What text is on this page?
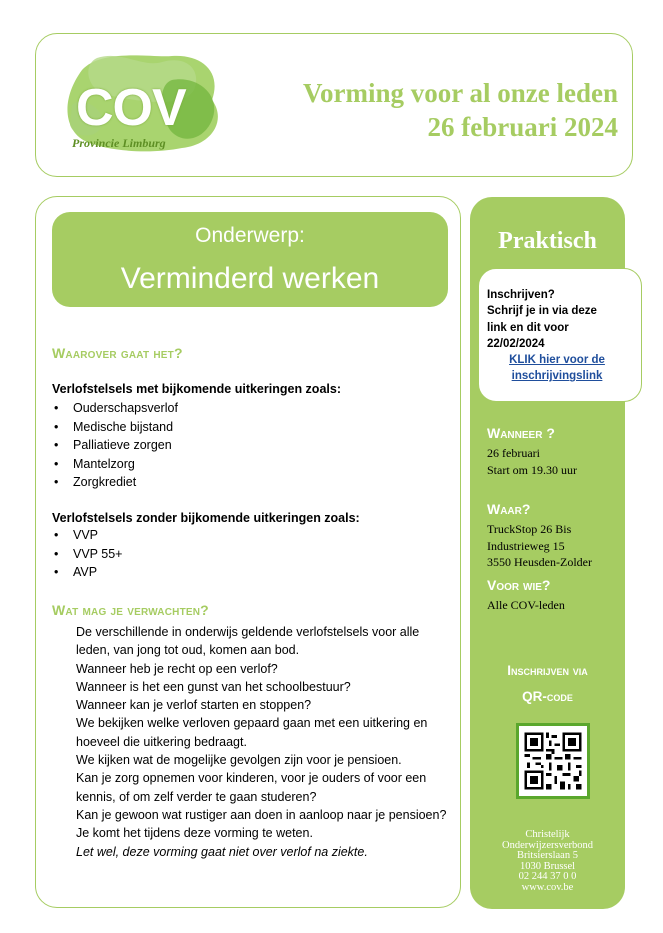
COV
Provincie Limburg
Vorming voor al onze leden
26 februari 2024
Onderwerp:
Verminderd werken
Waarover gaat het?
Verlofstelsels met bijkomende uitkeringen zoals:
• Ouderschapsverlof
• Medische bijstand
• Palliatieve zorgen
• Mantelzorg
• Zorgkrediet
Verlofstelsels zonder bijkomende uitkeringen zoals:
• VVP
• VVP 55+
• AVP
Wat mag je verwachten?
De verschillende in onderwijs geldende verlofstelsels voor alle
leden, van jong tot oud, komen aan bod.
Wanneer heb je recht op een verlof?
Wanneer is het een gunst van het schoolbestuur?
Wanneer kan je verlof starten en stoppen?
We bekijken welke verloven gepaard gaan met een uitkering en
hoeveel die uitkering bedraagt.
We kijken wat de mogelijke gevolgen zijn voor je pensioen.
Kan je zorg opnemen voor kinderen, voor je ouders of voor een
kennis, of om zelf verder te gaan studeren?
Kan je gewoon wat rustiger aan doen in aanloop naar je pensioen?
Je komt het tijdens deze vorming te weten.
Let wel, deze vorming gaat niet over verlof na ziekte.
Praktisch
Inschrijven?
Schrijf je in via deze
link en dit voor
22/02/2024
KLIK hier voor de
inschrijvingslink
Wanneer ?
26 februari
Start om 19.30 uur
Waar?
TruckStop 26 Bis
Industrieweg 15
3550 Heusden-Zolder
Voor wie?
Alle COV-leden
Inschrijven via
QR-code
Christelijk
Onderwijzersverbond
Britsierslaan 5
1030 Brussel
02 244 37 0 0
www.cov.be
